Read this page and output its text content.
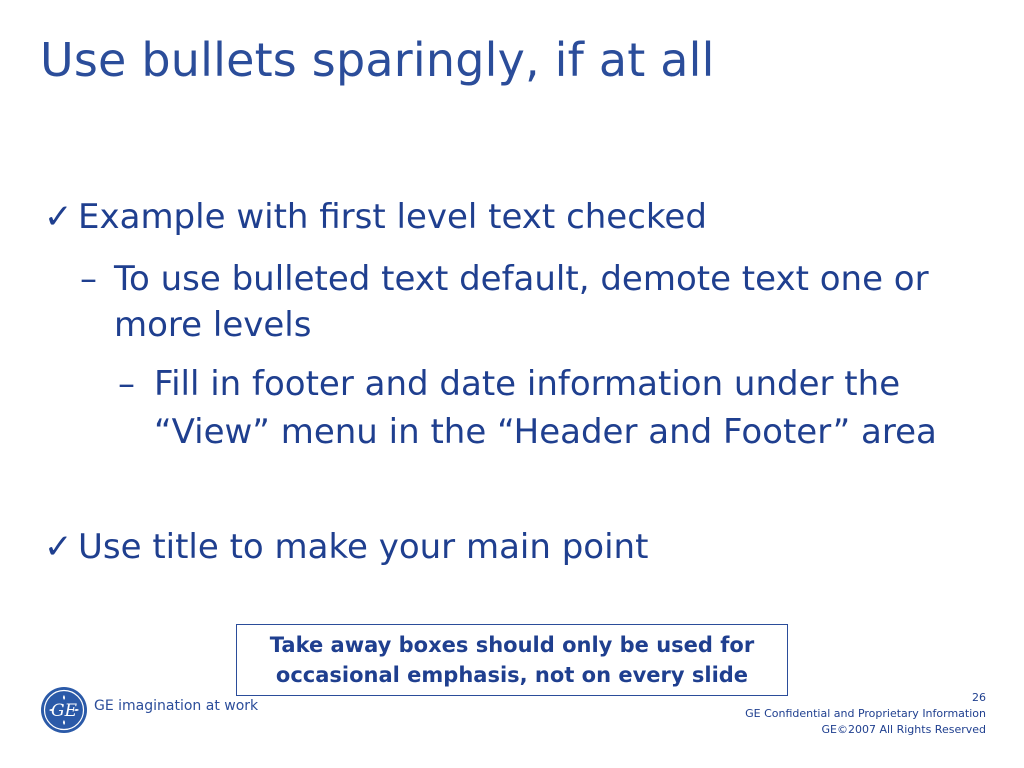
Use bullets sparingly, if at all
✓ Example with first level text checked
– To use bulleted text default, demote text one or more levels
– Fill in footer and date information under the “View” menu in the “Header and Footer” area
✓ Use title to make your main point
Take away boxes should only be used for
occasional emphasis, not on every slide
GE GE imagination at work
26
GE Confidential and Proprietary Information
GE©2007 All Rights Reserved
